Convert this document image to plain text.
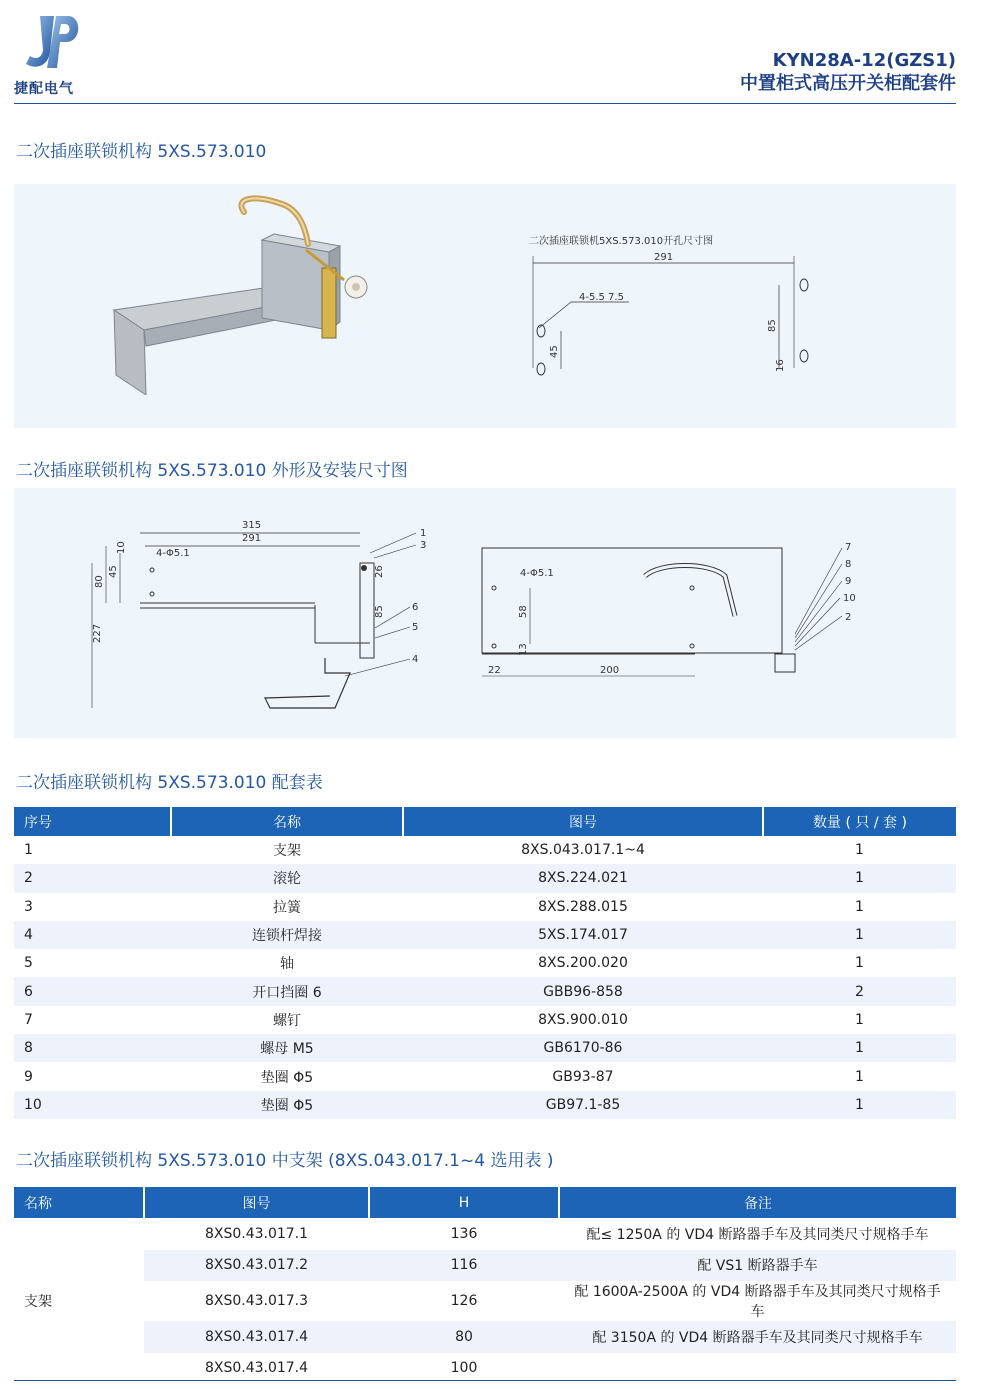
捷配电气
KYN28A-12(GZS1)
中置柜式高压开关柜配套件
二次插座联锁机构 5XS.573.010
二次插座联锁机5XS.573.010开孔尺寸图
291
4-5.5 7.5
45
85
16
二次插座联锁机构 5XS.573.010 外形及安装尺寸图
315
291
4-Φ5.1
45
80
10
227
26
85
1
3
6
5
4
4-Φ5.1
58
13
22	200
7
8
9
10
2
二次插座联锁机构 5XS.573.010 配套表
序号	名称	图号	数量 ( 只 / 套 )
1	支架	8XS.043.017.1~4	1
2	滚轮	8XS.224.021	1
3	拉簧	8XS.288.015	1
4	连锁杆焊接	5XS.174.017	1
5	轴	8XS.200.020	1
6	开口挡圈 6	GBB96-858	2
7	螺钉	8XS.900.010	1
8	螺母 M5	GB6170-86	1
9	垫圈 Φ5	GB93-87	1
10	垫圈 Φ5	GB97.1-85	1
二次插座联锁机构 5XS.573.010 中支架 (8XS.043.017.1~4 选用表 )
名称	图号	H	备注
支架	8XS0.43.017.1	136	配≤ 1250A 的 VD4 断路器手车及其同类尺寸规格手车
	8XS0.43.017.2	116	配 VS1 断路器手车
	8XS0.43.017.3	126	配 1600A-2500A 的 VD4 断路器手车及其同类尺寸规格手车
	8XS0.43.017.4	80	配 3150A 的 VD4 断路器手车及其同类尺寸规格手车
	8XS0.43.017.4	100	
